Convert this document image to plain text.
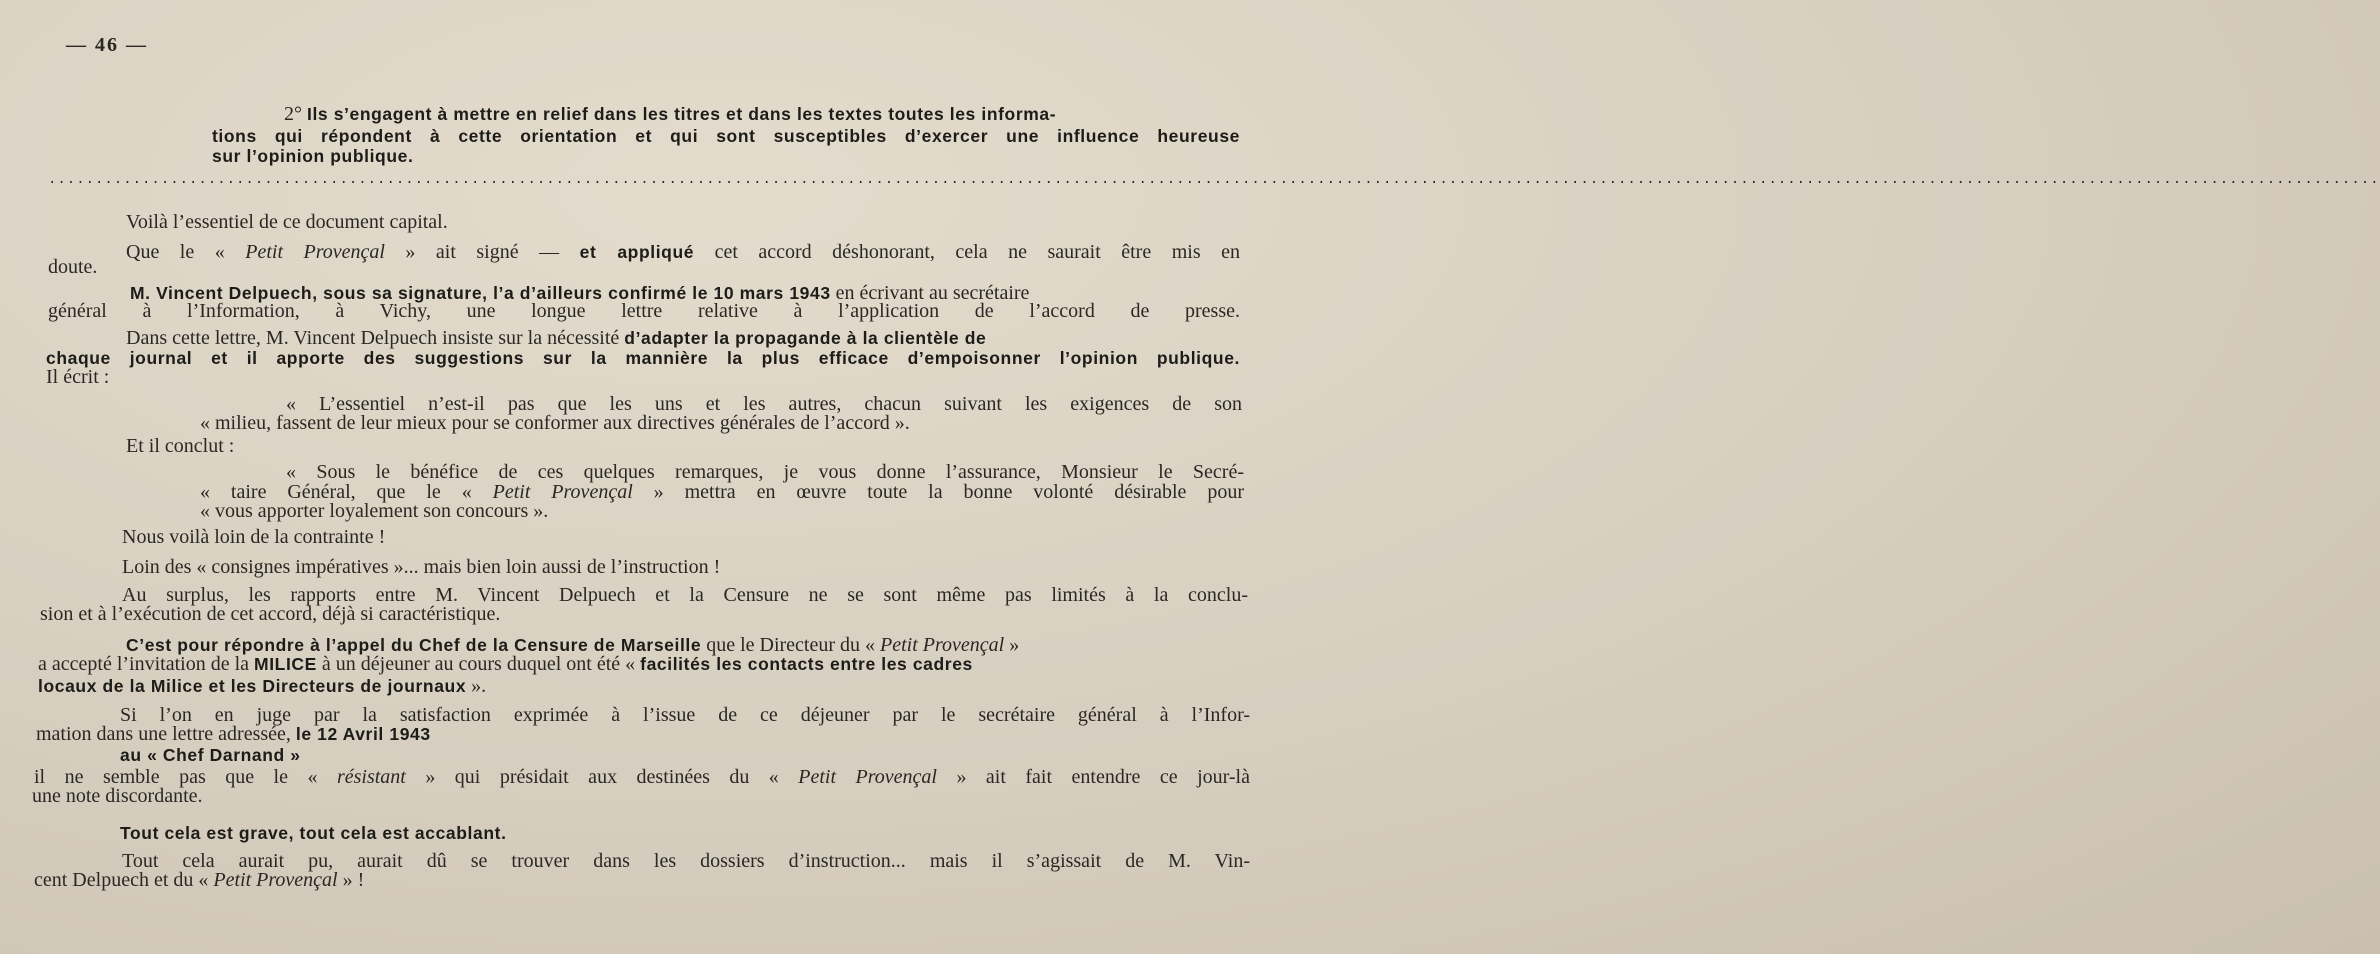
— 46 —
2° Ils s’engagent à mettre en relief dans les titres et dans les textes toutes les informa-
tions qui répondent à cette orientation et qui sont susceptibles d’exercer une influence heureuse
sur l’opinion publique.
........................................................................................................................................................................................................................................................
Voilà l’essentiel de ce document capital.
Que le « Petit Provençal » ait signé — et appliqué cet accord déshonorant, cela ne saurait être mis en
doute.
M. Vincent Delpuech, sous sa signature, l’a d’ailleurs confirmé le 10 mars 1943 en écrivant au secrétaire
général à l’Information, à Vichy, une longue lettre relative à l’application de l’accord de presse.
Dans cette lettre, M. Vincent Delpuech insiste sur la nécessité d’adapter la propagande à la clientèle de
chaque journal et il apporte des suggestions sur la mannière la plus efficace d’empoisonner l’opinion publique.
Il écrit :
« L’essentiel n’est-il pas que les uns et les autres, chacun suivant les exigences de son
« milieu, fassent de leur mieux pour se conformer aux directives générales de l’accord ».
Et il conclut :
« Sous le bénéfice de ces quelques remarques, je vous donne l’assurance, Monsieur le Secré-
« taire Général, que le « Petit Provençal » mettra en œuvre toute la bonne volonté désirable pour
« vous apporter loyalement son concours ».
Nous voilà loin de la contrainte !
Loin des « consignes impératives »... mais bien loin aussi de l’instruction !
Au surplus, les rapports entre M. Vincent Delpuech et la Censure ne se sont même pas limités à la conclu-
sion et à l’exécution de cet accord, déjà si caractéristique.
C’est pour répondre à l’appel du Chef de la Censure de Marseille que le Directeur du « Petit Provençal »
a accepté l’invitation de la MILICE à un déjeuner au cours duquel ont été « facilités les contacts entre les cadres
locaux de la Milice et les Directeurs de journaux ».
Si l’on en juge par la satisfaction exprimée à l’issue de ce déjeuner par le secrétaire général à l’Infor-
mation dans une lettre adressée, le 12 Avril 1943
au « Chef Darnand »
il ne semble pas que le « résistant » qui présidait aux destinées du « Petit Provençal » ait fait entendre ce jour-là
une note discordante.
Tout cela est grave, tout cela est accablant.
Tout cela aurait pu, aurait dû se trouver dans les dossiers d’instruction... mais il s’agissait de M. Vin-
cent Delpuech et du « Petit Provençal » !
